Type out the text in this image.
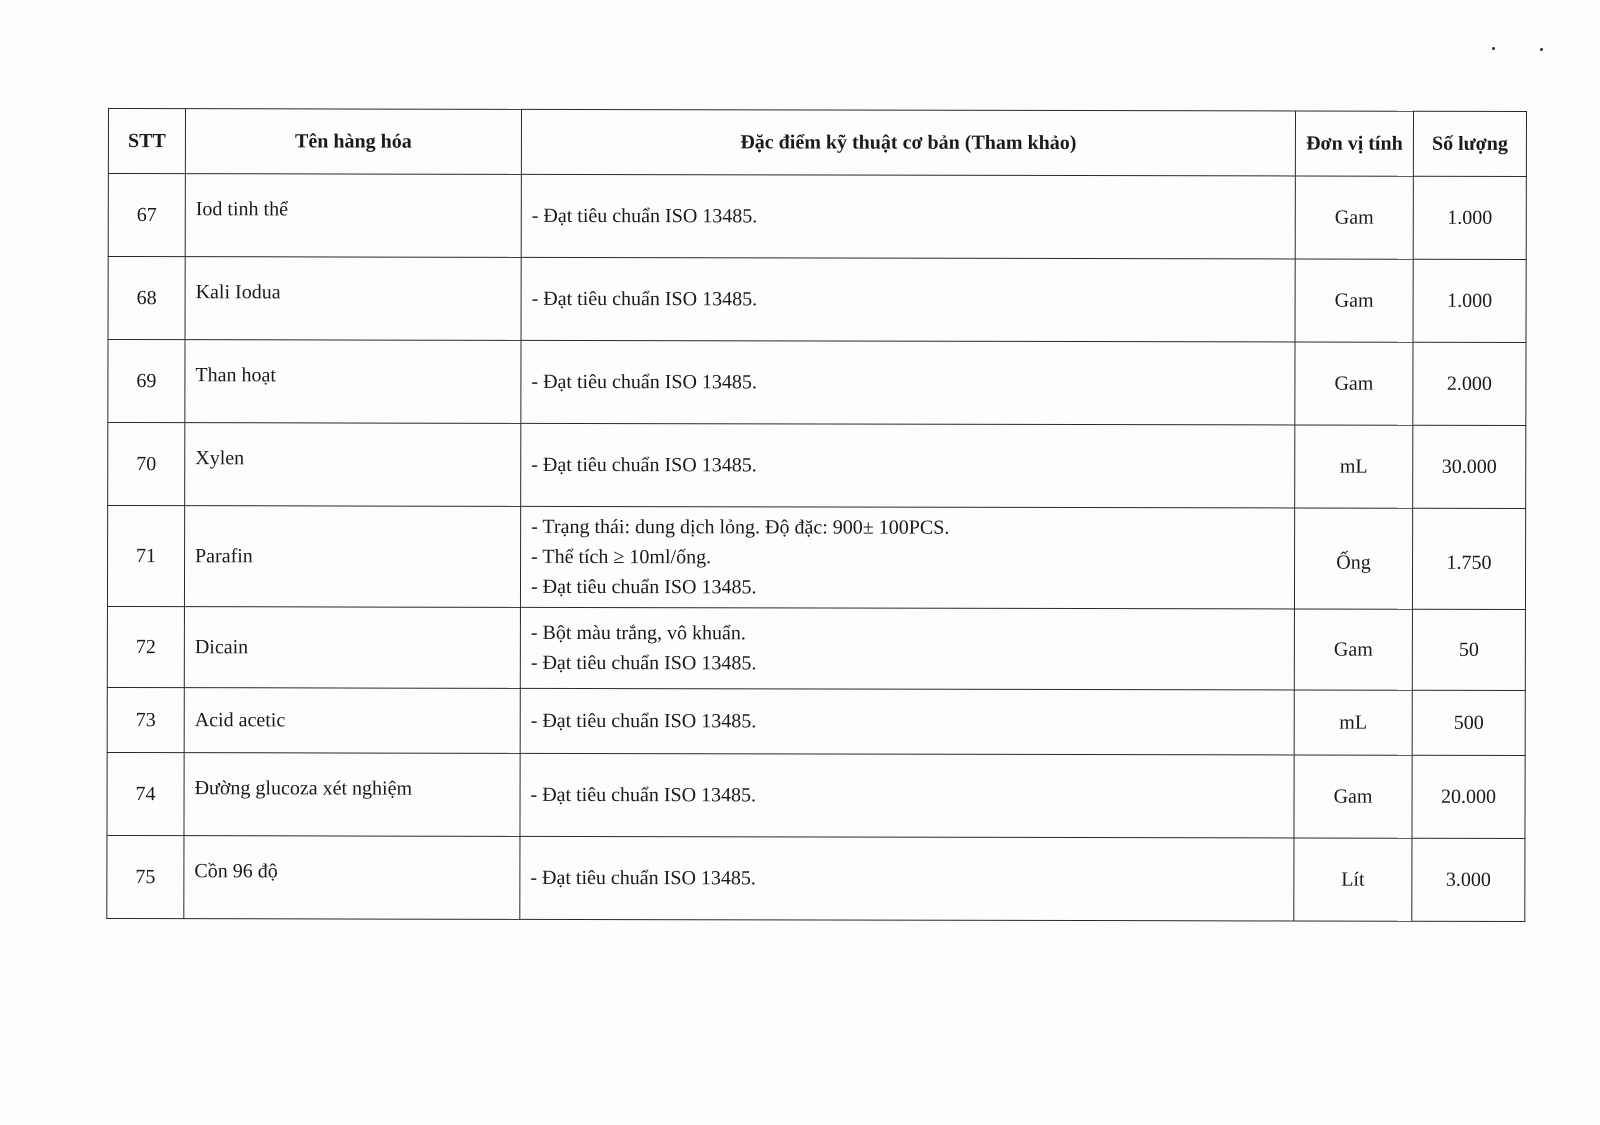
STT	Tên hàng hóa	Đặc điểm kỹ thuật cơ bản (Tham khảo)	Đơn vị tính	Số lượng
67	Iod tinh thể	- Đạt tiêu chuẩn ISO 13485.	Gam	1.000
68	Kali Iodua	- Đạt tiêu chuẩn ISO 13485.	Gam	1.000
69	Than hoạt	- Đạt tiêu chuẩn ISO 13485.	Gam	2.000
70	Xylen	- Đạt tiêu chuẩn ISO 13485.	mL	30.000
71	Parafin	- Trạng thái: dung dịch lỏng. Độ đặc: 900± 100PCS.
- Thể tích ≥ 10ml/ống.
- Đạt tiêu chuẩn ISO 13485.	Ống	1.750
72	Dicain	- Bột màu trắng, vô khuẩn.
- Đạt tiêu chuẩn ISO 13485.	Gam	50
73	Acid acetic	- Đạt tiêu chuẩn ISO 13485.	mL	500
74	Đường glucoza xét nghiệm	- Đạt tiêu chuẩn ISO 13485.	Gam	20.000
75	Cồn 96 độ	- Đạt tiêu chuẩn ISO 13485.	Lít	3.000
